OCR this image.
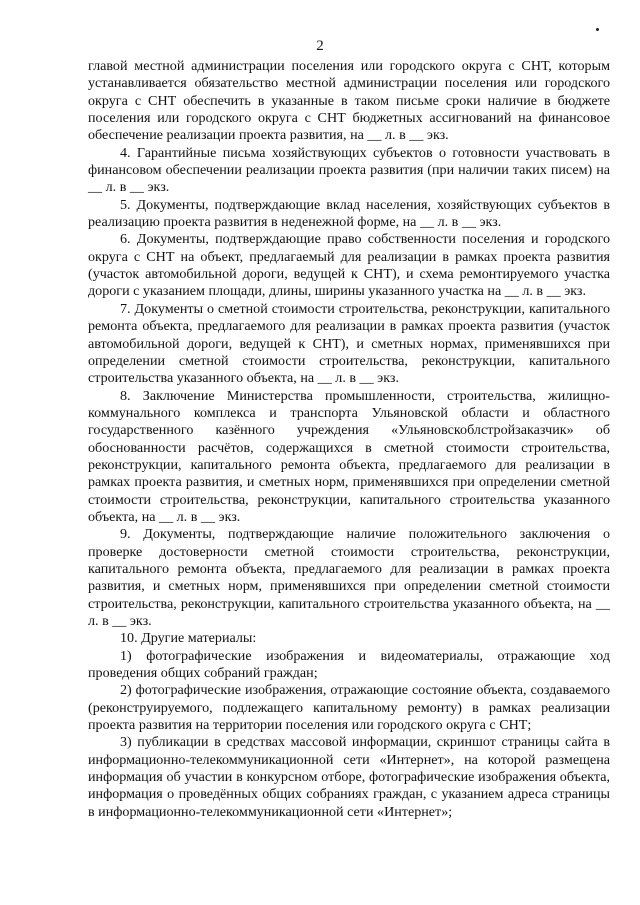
2

главой местной администрации поселения или городского округа с СНТ, которым устанавливается обязательство местной администрации поселения или городского округа с СНТ обеспечить в указанные в таком письме сроки наличие в бюджете поселения или городского округа с СНТ бюджетных ассигнований на финансовое обеспечение реализации проекта развития, на __ л. в __ экз.

4. Гарантийные письма хозяйствующих субъектов о готовности участвовать в финансовом обеспечении реализации проекта развития (при наличии таких писем) на __ л. в __ экз.

5. Документы, подтверждающие вклад населения, хозяйствующих субъектов в реализацию проекта развития в неденежной форме, на __ л. в __ экз.

6. Документы, подтверждающие право собственности поселения и городского округа с СНТ на объект, предлагаемый для реализации в рамках проекта развития (участок автомобильной дороги, ведущей к СНТ), и схема ремонтируемого участка дороги с указанием площади, длины, ширины указанного участка на __ л. в __ экз.

7. Документы о сметной стоимости строительства, реконструкции, капитального ремонта объекта, предлагаемого для реализации в рамках проекта развития (участок автомобильной дороги, ведущей к СНТ), и сметных нормах, применявшихся при определении сметной стоимости строительства, реконструкции, капитального строительства указанного объекта, на __ л. в __ экз.

8. Заключение Министерства промышленности, строительства, жилищно-коммунального комплекса и транспорта Ульяновской области и областного государственного казённого учреждения «Ульяновскоблстройзаказчик» об обоснованности расчётов, содержащихся в сметной стоимости строительства, реконструкции, капитального ремонта объекта, предлагаемого для реализации в рамках проекта развития, и сметных норм, применявшихся при определении сметной стоимости строительства, реконструкции, капитального строительства указанного объекта, на __ л. в __ экз.

9. Документы, подтверждающие наличие положительного заключения о проверке достоверности сметной стоимости строительства, реконструкции, капитального ремонта объекта, предлагаемого для реализации в рамках проекта развития, и сметных норм, применявшихся при определении сметной стоимости строительства, реконструкции, капитального строительства указанного объекта, на __ л. в __ экз.

10. Другие материалы:

1) фотографические изображения и видеоматериалы, отражающие ход проведения общих собраний граждан;

2) фотографические изображения, отражающие состояние объекта, создаваемого (реконструируемого, подлежащего капитальному ремонту) в рамках реализации проекта развития на территории поселения или городского округа с СНТ;

3) публикации в средствах массовой информации, скриншот страницы сайта в информационно-телекоммуникационной сети «Интернет», на которой размещена информация об участии в конкурсном отборе, фотографические изображения объекта, информация о проведённых общих собраниях граждан, с указанием адреса страницы в информационно-телекоммуникационной сети «Интернет»;
